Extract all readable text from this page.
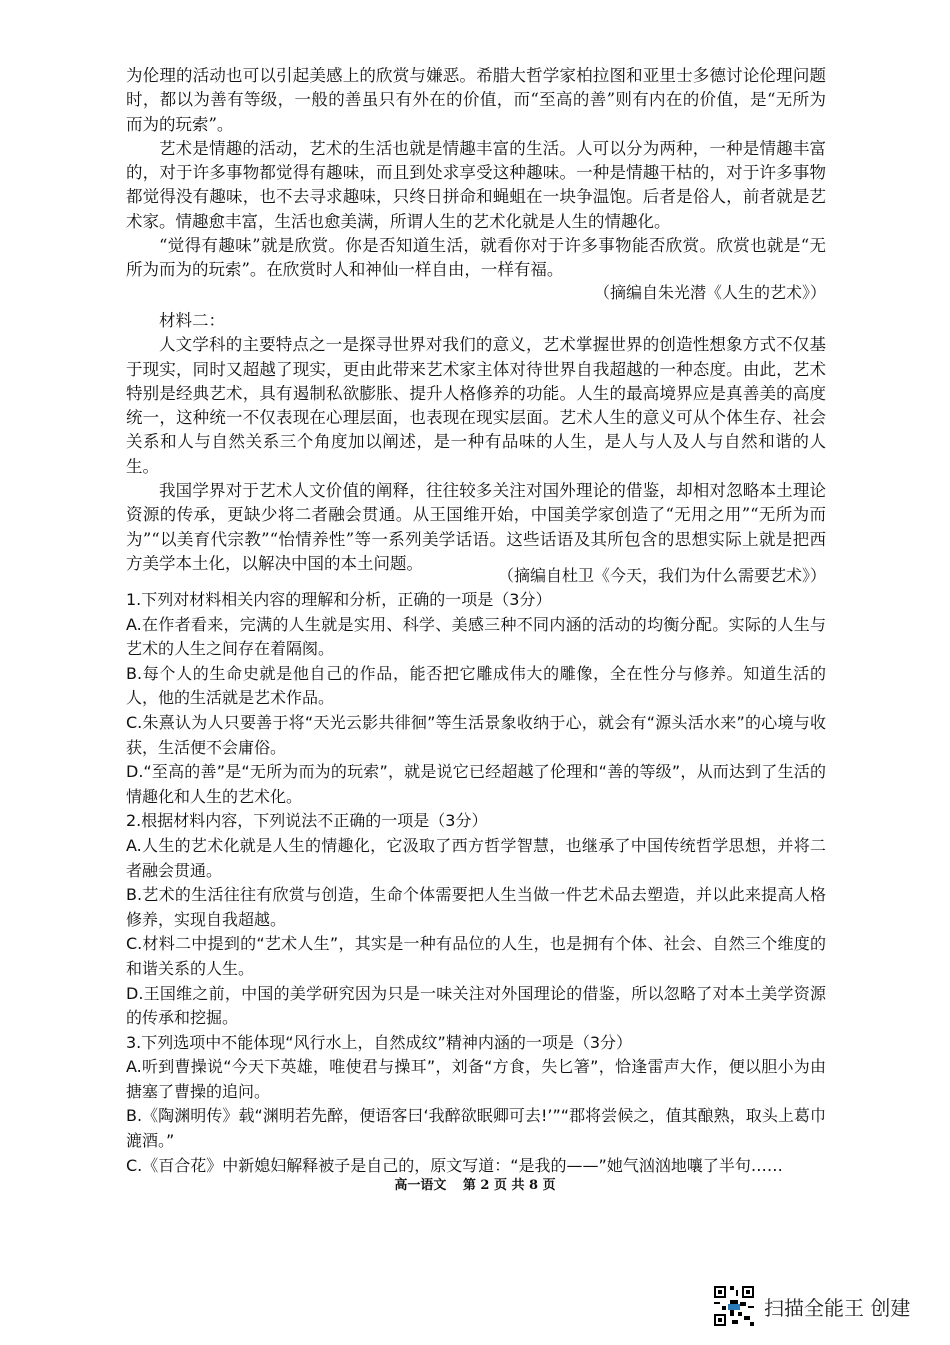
为伦理的活动也可以引起美感上的欣赏与嫌恶。希腊大哲学家柏拉图和亚里士多德讨论伦理问题时，都以为善有等级，一般的善虽只有外在的价值，而“至高的善”则有内在的价值，是“无所为而为的玩索”。

艺术是情趣的活动，艺术的生活也就是情趣丰富的生活。人可以分为两种，一种是情趣丰富的，对于许多事物都觉得有趣味，而且到处求享受这种趣味。一种是情趣干枯的，对于许多事物都觉得没有趣味，也不去寻求趣味，只终日拼命和蝇蛆在一块争温饱。后者是俗人，前者就是艺术家。情趣愈丰富，生活也愈美满，所谓人生的艺术化就是人生的情趣化。

“觉得有趣味”就是欣赏。你是否知道生活，就看你对于许多事物能否欣赏。欣赏也就是“无所为而为的玩索”。在欣赏时人和神仙一样自由，一样有福。

（摘编自朱光潜《人生的艺术》）

材料二：

人文学科的主要特点之一是探寻世界对我们的意义，艺术掌握世界的创造性想象方式不仅基于现实，同时又超越了现实，更由此带来艺术家主体对待世界自我超越的一种态度。由此，艺术特别是经典艺术，具有遏制私欲膨胀、提升人格修养的功能。人生的最高境界应是真善美的高度统一，这种统一不仅表现在心理层面，也表现在现实层面。艺术人生的意义可从个体生存、社会关系和人与自然关系三个角度加以阐述，是一种有品味的人生，是人与人及人与自然和谐的人生。

我国学界对于艺术人文价值的阐释，往往较多关注对国外理论的借鉴，却相对忽略本土理论资源的传承，更缺少将二者融会贯通。从王国维开始，中国美学家创造了“无用之用”“无所为而为”“以美育代宗教”“怡情养性”等一系列美学话语。这些话语及其所包含的思想实际上就是把西方美学本土化，以解决中国的本土问题。

（摘编自杜卫《今天，我们为什么需要艺术》）

1.下列对材料相关内容的理解和分析，正确的一项是（3分）

A.在作者看来，完满的人生就是实用、科学、美感三种不同内涵的活动的均衡分配。实际的人生与艺术的人生之间存在着隔阂。

B.每个人的生命史就是他自己的作品，能否把它雕成伟大的雕像，全在性分与修养。知道生活的人，他的生活就是艺术作品。

C.朱熹认为人只要善于将“天光云影共徘徊”等生活景象收纳于心，就会有“源头活水来”的心境与收获，生活便不会庸俗。

D.“至高的善”是“无所为而为的玩索”，就是说它已经超越了伦理和“善的等级”，从而达到了生活的情趣化和人生的艺术化。

2.根据材料内容，下列说法不正确的一项是（3分）

A.人生的艺术化就是人生的情趣化，它汲取了西方哲学智慧，也继承了中国传统哲学思想，并将二者融会贯通。

B.艺术的生活往往有欣赏与创造，生命个体需要把人生当做一件艺术品去塑造，并以此来提高人格修养，实现自我超越。

C.材料二中提到的“艺术人生”，其实是一种有品位的人生，也是拥有个体、社会、自然三个维度的和谐关系的人生。

D.王国维之前，中国的美学研究因为只是一味关注对外国理论的借鉴，所以忽略了对本土美学资源的传承和挖掘。

3.下列选项中不能体现“风行水上，自然成纹”精神内涵的一项是（3分）

A.听到曹操说“今天下英雄，唯使君与操耳”，刘备“方食，失匕箸”，恰逢雷声大作，便以胆小为由搪塞了曹操的追问。

B.《陶渊明传》载“渊明若先醉，便语客曰‘我醉欲眠卿可去!’”“郡将尝候之，值其酿熟，取头上葛巾漉酒。”

C.《百合花》中新媳妇解释被子是自己的，原文写道：“是我的——”她气汹汹地嚷了半句……

高一语文 第 2 页 共 8 页
扫描全能王 创建
